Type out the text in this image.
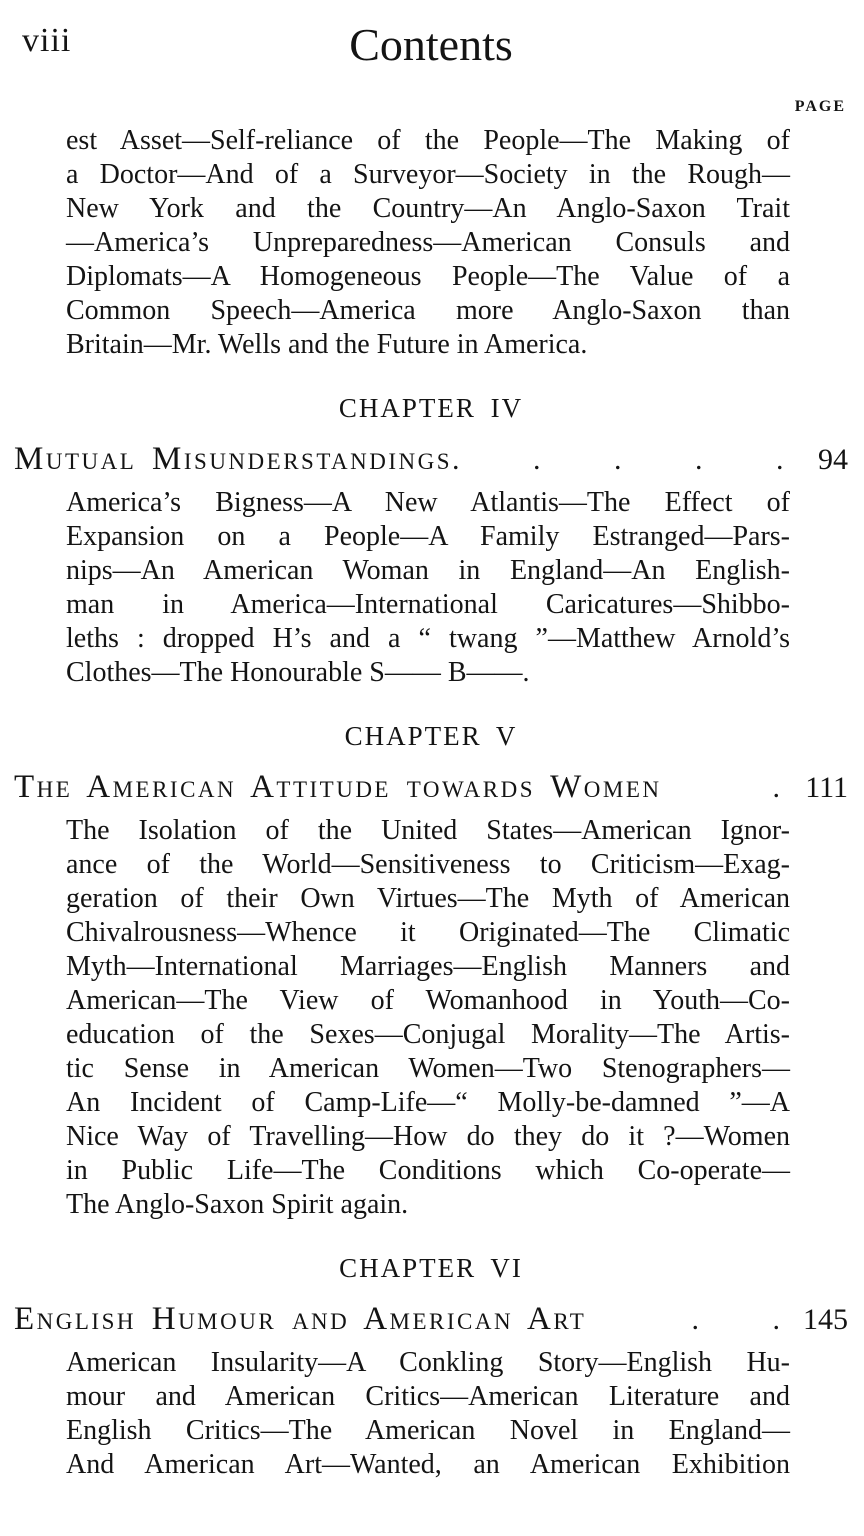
viii	Contents
PAGE
est Asset—Self-reliance of the People—The Making of
a Doctor—And of a Surveyor—Society in the Rough—
New York and the Country—An Anglo-Saxon Trait
—America’s Unpreparedness—American Consuls and
Diplomats—A Homogeneous People—The Value of a
Common Speech—America more Anglo-Saxon than
Britain—Mr. Wells and the Future in America.
CHAPTER IV
Mutual Misunderstandings . . . . .	94
America’s Bigness—A New Atlantis—The Effect of
Expansion on a People—A Family Estranged—Pars-
nips—An American Woman in England—An English-
man in America—International Caricatures—Shibbo-
leths : dropped H’s and a “ twang ”—Matthew Arnold’s
Clothes—The Honourable S—— B——.
CHAPTER V
The American Attitude towards Women	. 111
The Isolation of the United States—American Ignor-
ance of the World—Sensitiveness to Criticism—Exag-
geration of their Own Virtues—The Myth of American
Chivalrousness—Whence it Originated—The Climatic
Myth—International Marriages—English Manners and
American—The View of Womanhood in Youth—Co-
education of the Sexes—Conjugal Morality—The Artis-
tic Sense in American Women—Two Stenographers—
An Incident of Camp-Life—“ Molly-be-damned ”—A
Nice Way of Travelling—How do they do it ?—Women
in Public Life—The Conditions which Co-operate—
The Anglo-Saxon Spirit again.
CHAPTER VI
English Humour and American Art	. . 145
American Insularity—A Conkling Story—English Hu-
mour and American Critics—American Literature and
English Critics—The American Novel in England—
And American Art—Wanted, an American Exhibition
